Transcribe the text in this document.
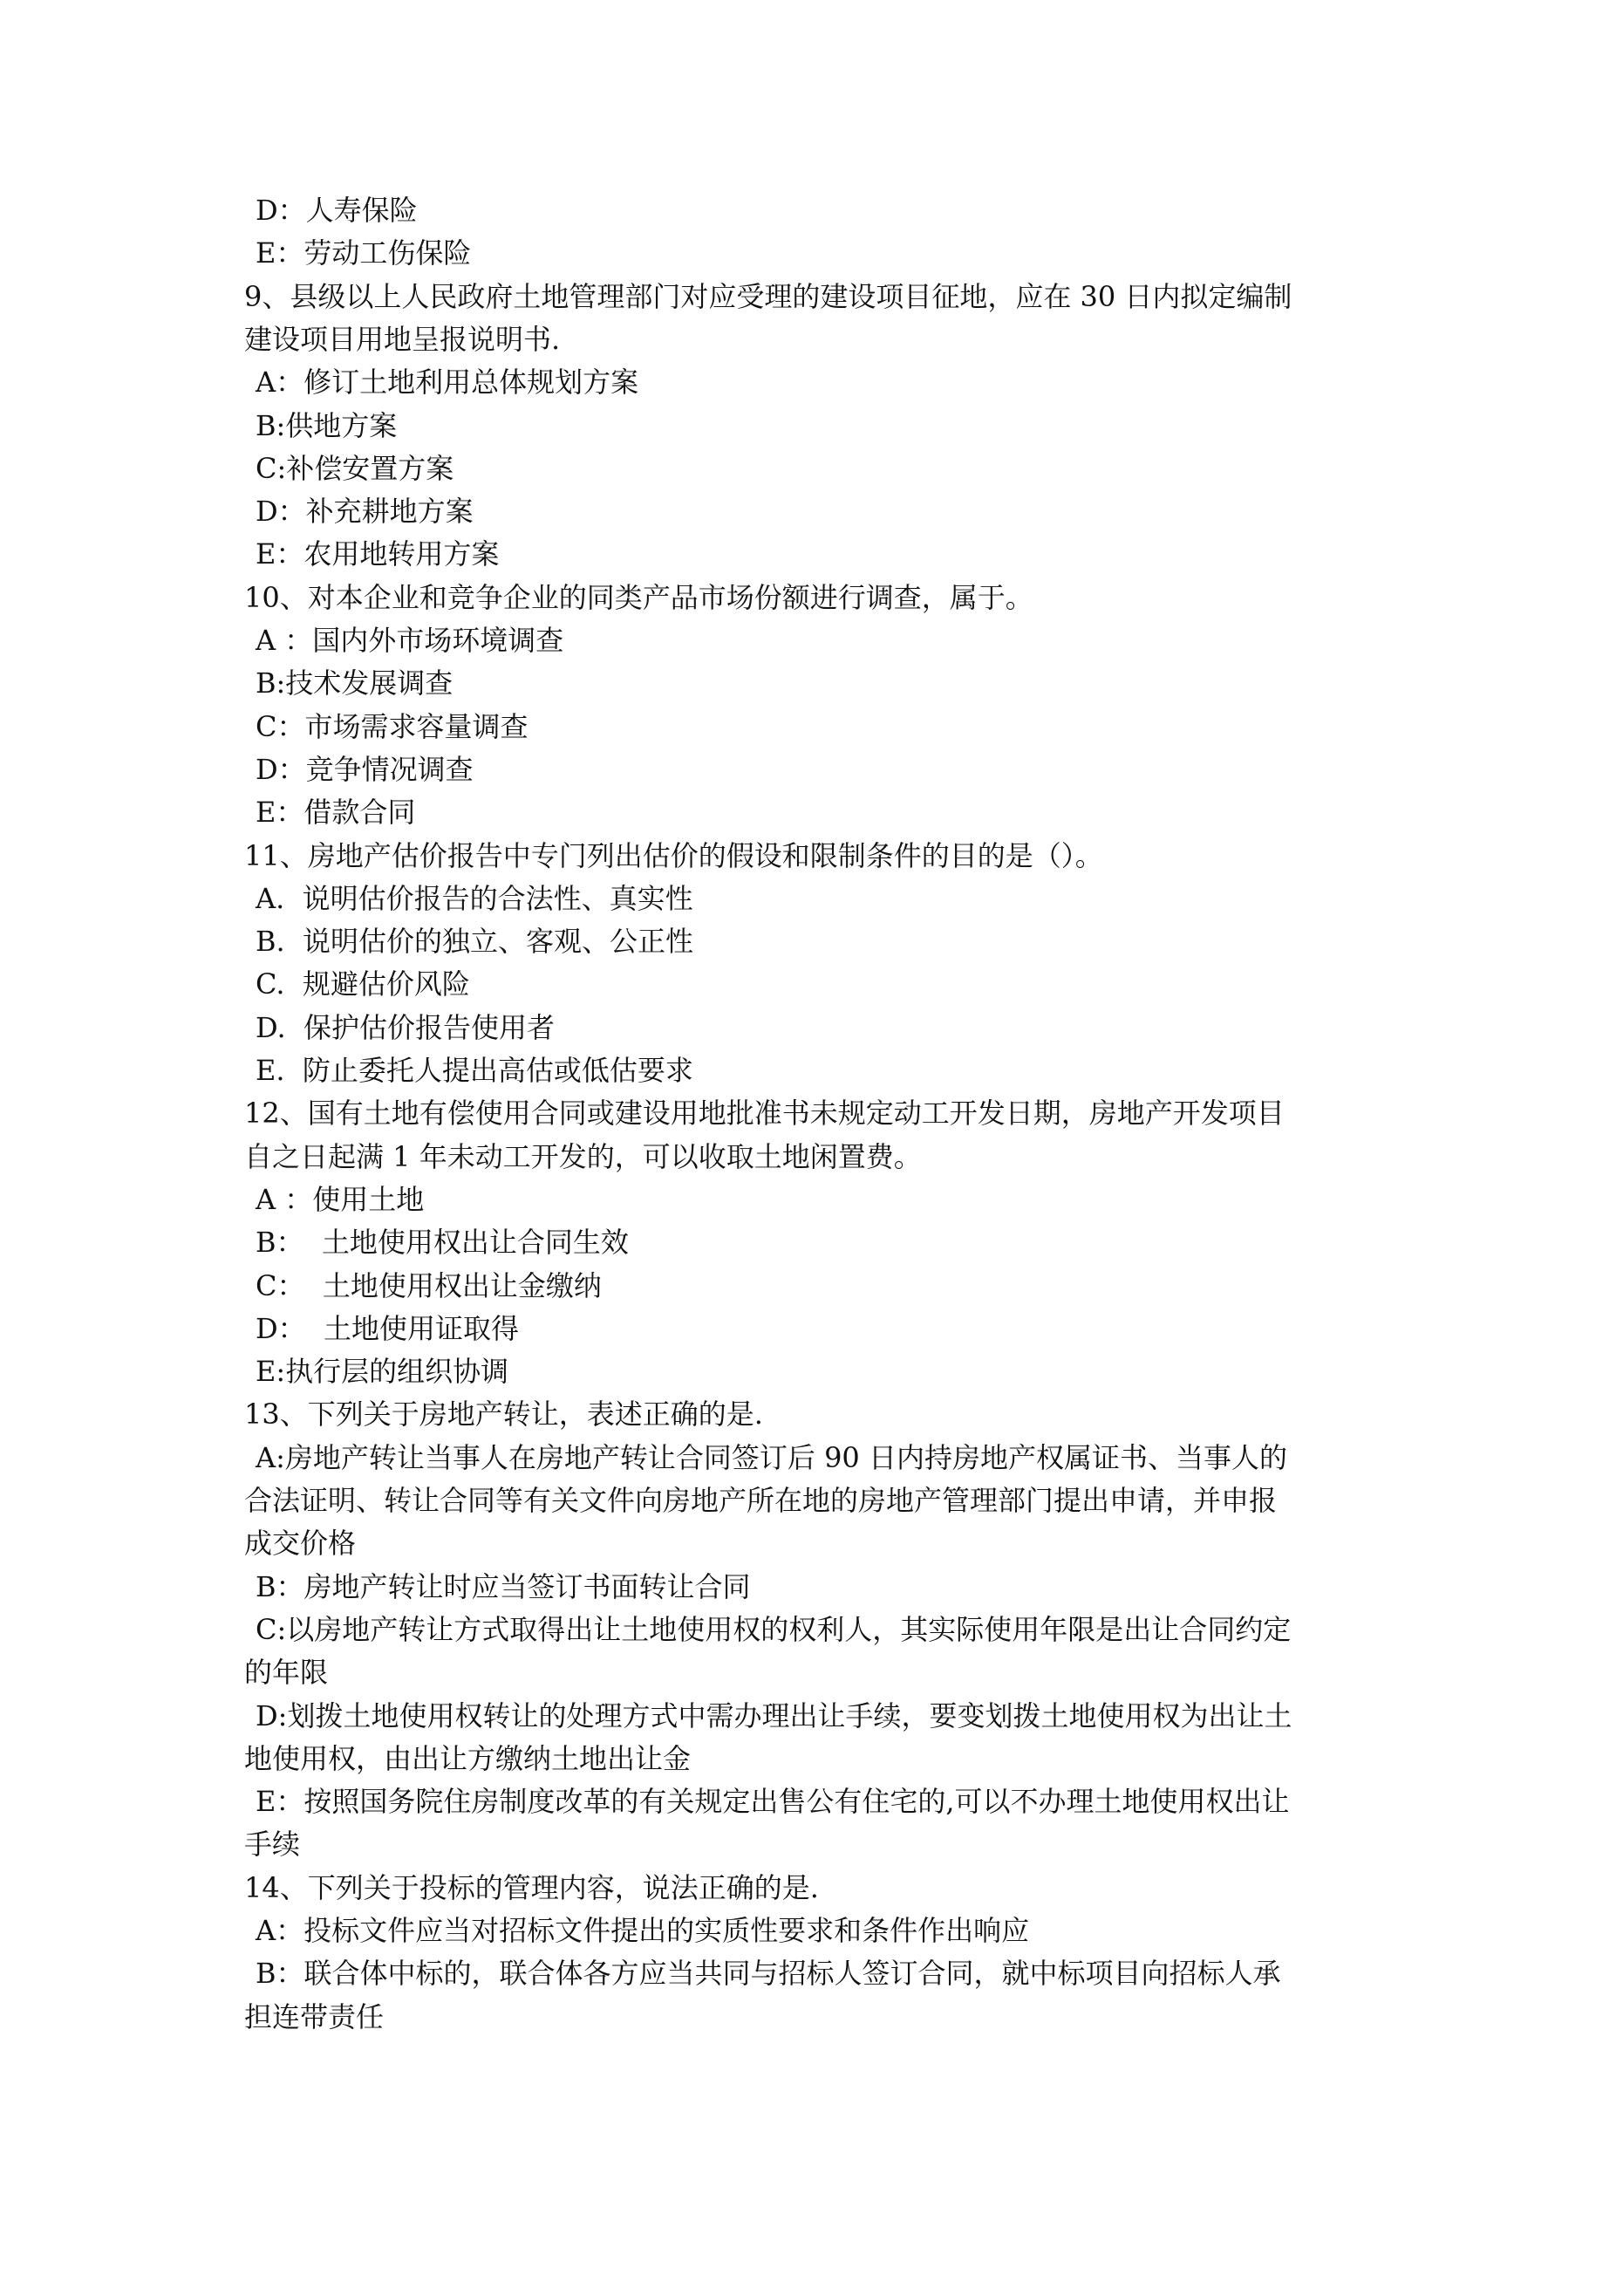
D：人寿保险
E：劳动工伤保险
9、县级以上人民政府土地管理部门对应受理的建设项目征地，应在 30 日内拟定编制
建设项目用地呈报说明书.
A：修订土地利用总体规划方案
B:供地方案
C:补偿安置方案
D：补充耕地方案
E：农用地转用方案
10、对本企业和竞争企业的同类产品市场份额进行调查，属于。
A ：国内外市场环境调查
B:技术发展调查
C：市场需求容量调查
D：竞争情况调查
E：借款合同
11、房地产估价报告中专门列出估价的假设和限制条件的目的是（）。
A.  说明估价报告的合法性、真实性
B.  说明估价的独立、客观、公正性
C.  规避估价风险
D.  保护估价报告使用者
E.  防止委托人提出高估或低估要求
12、国有土地有偿使用合同或建设用地批准书未规定动工开发日期，房地产开发项目
自之日起满 1 年未动工开发的，可以收取土地闲置费。
A ：使用土地
B：  土地使用权出让合同生效
C：  土地使用权出让金缴纳
D：  土地使用证取得
E:执行层的组织协调
13、下列关于房地产转让，表述正确的是.
A:房地产转让当事人在房地产转让合同签订后 90 日内持房地产权属证书、当事人的
合法证明、转让合同等有关文件向房地产所在地的房地产管理部门提出申请，并申报
成交价格
B：房地产转让时应当签订书面转让合同
C:以房地产转让方式取得出让土地使用权的权利人，其实际使用年限是出让合同约定
的年限
D:划拨土地使用权转让的处理方式中需办理出让手续，要变划拨土地使用权为出让土
地使用权，由出让方缴纳土地出让金
E：按照国务院住房制度改革的有关规定出售公有住宅的,可以不办理土地使用权出让
手续
14、下列关于投标的管理内容，说法正确的是.
A：投标文件应当对招标文件提出的实质性要求和条件作出响应
B：联合体中标的，联合体各方应当共同与招标人签订合同，就中标项目向招标人承
担连带责任
